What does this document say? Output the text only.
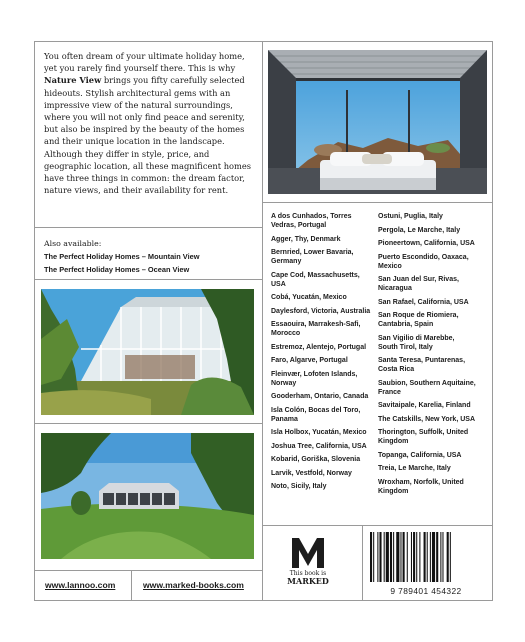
You often dream of your ultimate holiday home, yet you rarely find yourself there. This is why Nature View brings you fifty carefully selected hideouts. Stylish architectural gems with an impressive view of the natural surroundings, where you will not only find peace and serenity, but also be inspired by the beauty of the homes and their unique location in the landscape. Although they differ in style, price, and geographic location, all these magnificent homes have three things in common: the dream factor, nature views, and their availability for rent.

Also available:
The Perfect Holiday Homes – Mountain View
The Perfect Holiday Homes – Ocean View
A dos Cunhados, Torres Vedras, Portugal
Agger, Thy, Denmark
Bernried, Lower Bavaria, Germany
Cape Cod, Massachusetts, USA
Cobá, Yucatán, Mexico
Daylesford, Victoria, Australia
Essaouira, Marrakesh-Safi, Morocco
Estremoz, Alentejo, Portugal
Faro, Algarve, Portugal
Fleinvær, Lofoten Islands, Norway
Gooderham, Ontario, Canada
Isla Colón, Bocas del Toro, Panama
Isla Holbox, Yucatán, Mexico
Joshua Tree, California, USA
Kobarid, Goriška, Slovenia
Larvik, Vestfold, Norway
Noto, Sicily, Italy
Ostuni, Puglia, Italy
Pergola, Le Marche, Italy
Pioneertown, California, USA
Puerto Escondido, Oaxaca, Mexico
San Juan del Sur, Rivas, Nicaragua
San Rafael, California, USA
San Roque de Riomiera, Cantabria, Spain
San Vigilio di Marebbe, South Tirol, Italy
Santa Teresa, Puntarenas, Costa Rica
Saubion, Southern Aquitaine, France
Savitaipale, Karelia, Finland
The Catskills, New York, USA
Thorington, Suffolk, United Kingdom
Topanga, California, USA
Treia, Le Marche, Italy
Wroxham, Norfolk, United Kingdom
www.lannoo.com	www.marked-books.com
This book is
MARKED
9 789401 454322
